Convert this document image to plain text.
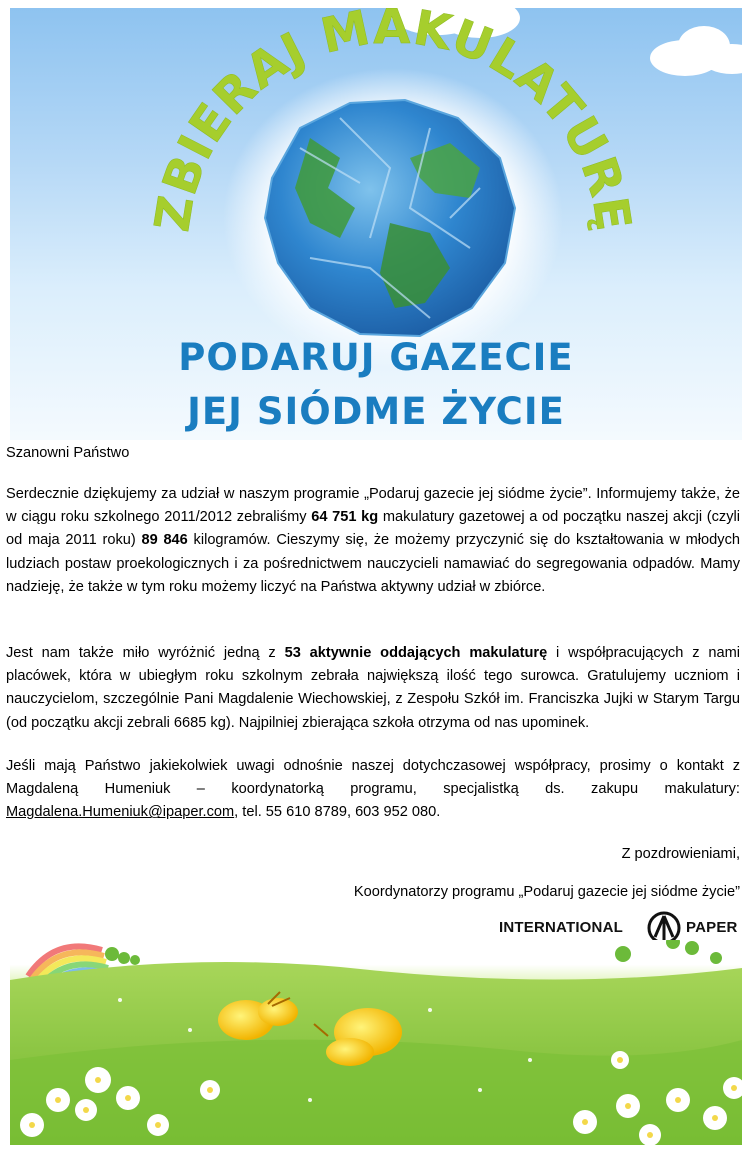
ZBIERAJ MAKULATURĘ
PODARUJ GAZECIE
JEJ SIÓDME ŻYCIE
Szanowni Państwo
Serdecznie dziękujemy za udział w naszym programie „Podaruj gazecie jej siódme życie”. Informujemy także, że w ciągu roku szkolnego 2011/2012 zebraliśmy 64 751 kg makulatury gazetowej a od początku naszej akcji (czyli od maja 2011 roku) 89 846 kilogramów. Cieszymy się, że możemy przyczynić się do kształtowania w młodych ludziach postaw proekologicznych i za pośrednictwem nauczycieli namawiać do segregowania odpadów. Mamy nadzieję, że także w tym roku możemy liczyć na Państwa aktywny udział w zbiórce.
Jest nam także miło wyróżnić jedną z 53 aktywnie oddających makulaturę i współpracujących z nami placówek, która w ubiegłym roku szkolnym zebrała największą ilość tego surowca. Gratulujemy uczniom i nauczycielom, szczególnie Pani Magdalenie Wiechowskiej, z Zespołu Szkół im. Franciszka Jujki w Starym Targu (od początku akcji zebrali 6685 kg). Najpilniej zbierająca szkoła otrzyma od nas upominek.
Jeśli mają Państwo jakiekolwiek uwagi odnośnie naszej dotychczasowej współpracy, prosimy o kontakt z Magdaleną Humeniuk – koordynatorką programu, specjalistką ds. zakupu makulatury: Magdalena.Humeniuk@ipaper.com, tel. 55 610 8789, 603 952 080.
Z pozdrowieniami,
Koordynatorzy programu „Podaruj gazecie jej siódme życie”
INTERNATIONAL	PAPER
